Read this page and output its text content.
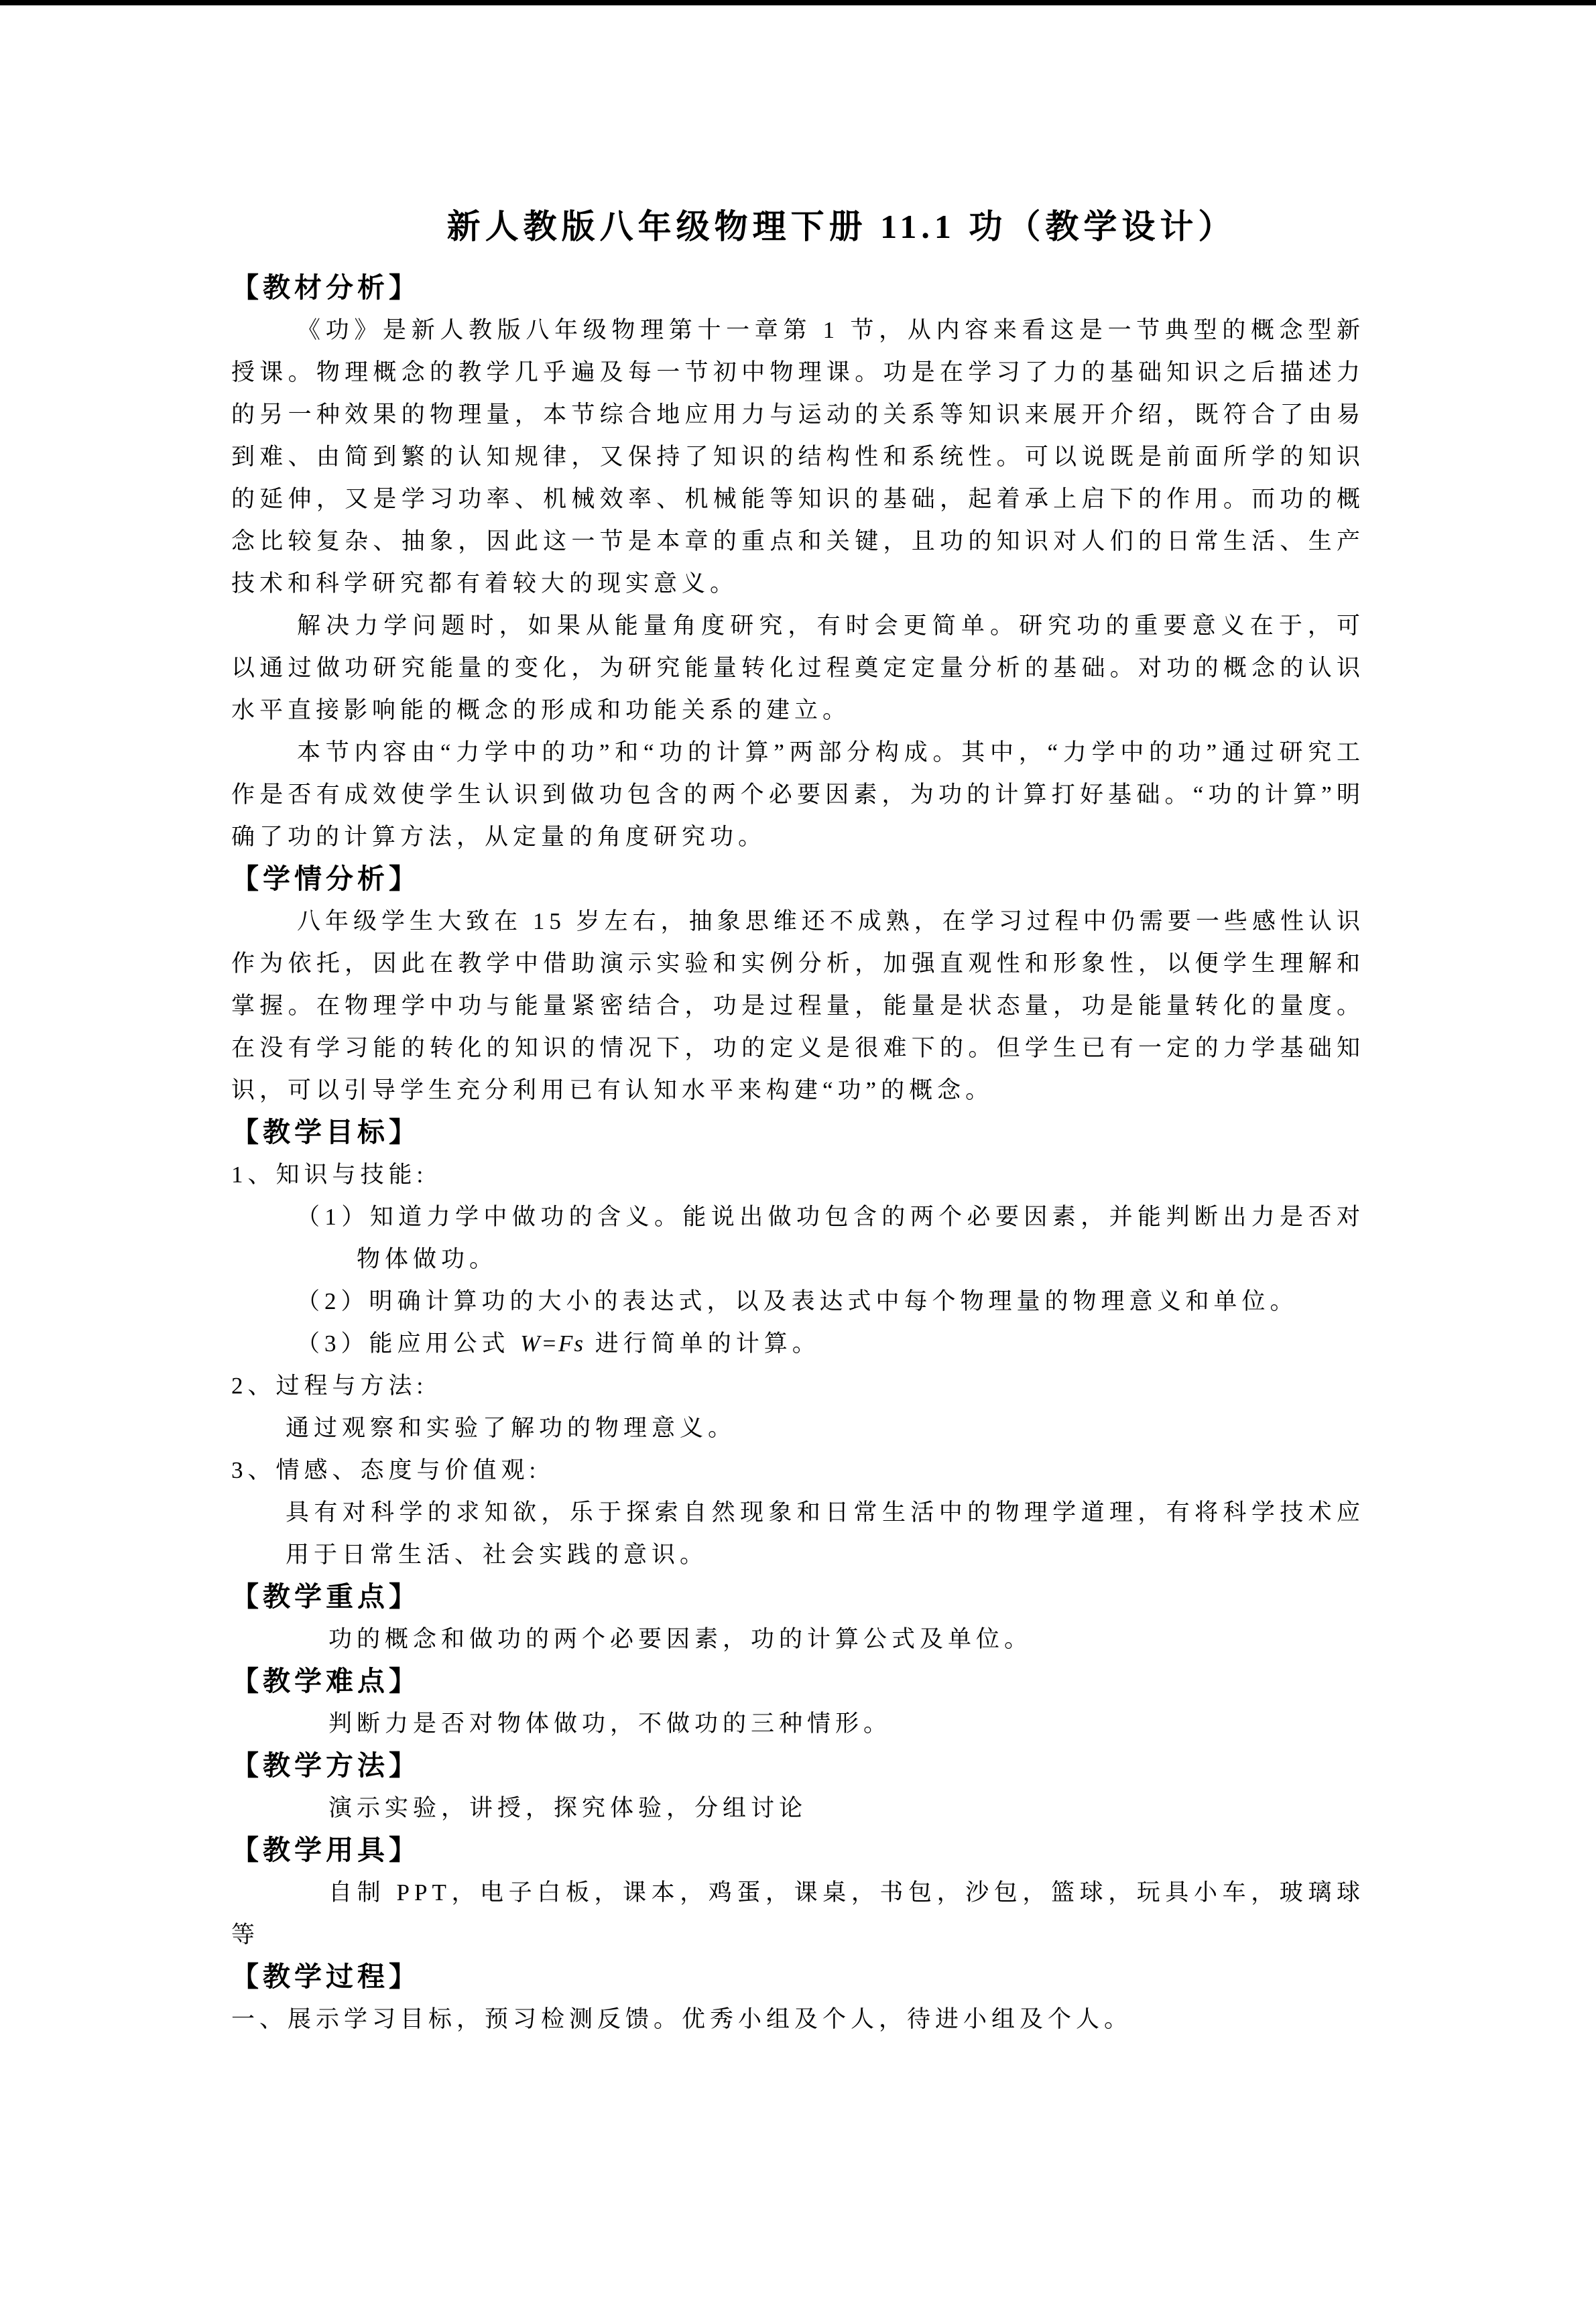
新人教版八年级物理下册 11.1 功（教学设计）

【教材分析】

《功》是新人教版八年级物理第十一章第 1 节，从内容来看这是一节典型的概念型新授课。物理概念的教学几乎遍及每一节初中物理课。功是在学习了力的基础知识之后描述力的另一种效果的物理量，本节综合地应用力与运动的关系等知识来展开介绍，既符合了由易到难、由简到繁的认知规律，又保持了知识的结构性和系统性。可以说既是前面所学的知识的延伸，又是学习功率、机械效率、机械能等知识的基础，起着承上启下的作用。而功的概念比较复杂、抽象，因此这一节是本章的重点和关键，且功的知识对人们的日常生活、生产技术和科学研究都有着较大的现实意义。

解决力学问题时，如果从能量角度研究，有时会更简单。研究功的重要意义在于，可以通过做功研究能量的变化，为研究能量转化过程奠定定量分析的基础。对功的概念的认识水平直接影响能的概念的形成和功能关系的建立。

本节内容由“力学中的功”和“功的计算”两部分构成。其中，“力学中的功”通过研究工作是否有成效使学生认识到做功包含的两个必要因素，为功的计算打好基础。“功的计算”明确了功的计算方法，从定量的角度研究功。

【学情分析】

八年级学生大致在 15 岁左右，抽象思维还不成熟，在学习过程中仍需要一些感性认识作为依托，因此在教学中借助演示实验和实例分析，加强直观性和形象性，以便学生理解和掌握。在物理学中功与能量紧密结合，功是过程量，能量是状态量，功是能量转化的量度。在没有学习能的转化的知识的情况下，功的定义是很难下的。但学生已有一定的力学基础知识，可以引导学生充分利用已有认知水平来构建“功”的概念。

【教学目标】

1、知识与技能:

（1）知道力学中做功的含义。能说出做功包含的两个必要因素，并能判断出力是否对物体做功。

（2）明确计算功的大小的表达式，以及表达式中每个物理量的物理意义和单位。

（3）能应用公式 W=Fs 进行简单的计算。

2、过程与方法:

通过观察和实验了解功的物理意义。

3、情感、态度与价值观:

具有对科学的求知欲，乐于探索自然现象和日常生活中的物理学道理，有将科学技术应用于日常生活、社会实践的意识。

【教学重点】

功的概念和做功的两个必要因素，功的计算公式及单位。

【教学难点】

判断力是否对物体做功，不做功的三种情形。

【教学方法】

演示实验，讲授，探究体验，分组讨论

【教学用具】

自制 PPT，电子白板，课本，鸡蛋，课桌，书包，沙包，篮球，玩具小车，玻璃球等

【教学过程】

一、展示学习目标，预习检测反馈。优秀小组及个人，待进小组及个人。
